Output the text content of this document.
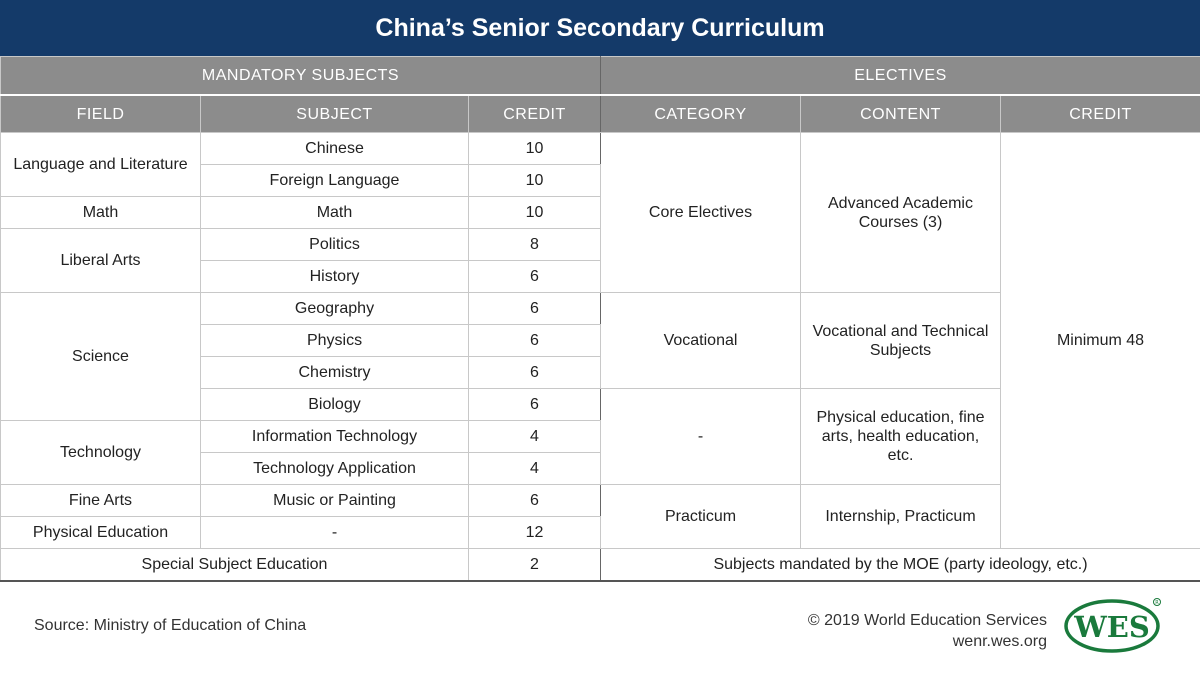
China’s Senior Secondary Curriculum
MANDATORY SUBJECTS			ELECTIVES		
FIELD	SUBJECT	CREDIT	CATEGORY	CONTENT	CREDIT
Language and Literature	Chinese	10	Core Electives	Advanced Academic Courses (3)	Minimum 48
	Foreign Language	10			
Math	Math	10			
Liberal Arts	Politics	8			
	History	6			
Science	Geography	6	Vocational	Vocational and Technical Subjects	
	Physics	6			
	Chemistry	6			
	Biology	6	-	Physical education, fine arts, health education, etc.	
Technology	Information Technology	4			
	Technology Application	4			
Fine Arts	Music or Painting	6	Practicum	Internship, Practicum	
Physical Education	-	12			
Special Subject Education		2	Subjects mandated by the MOE (party ideology, etc.)		
Source: Ministry of Education of China	© 2019 World Education Services
wenr.wes.org WES
R
